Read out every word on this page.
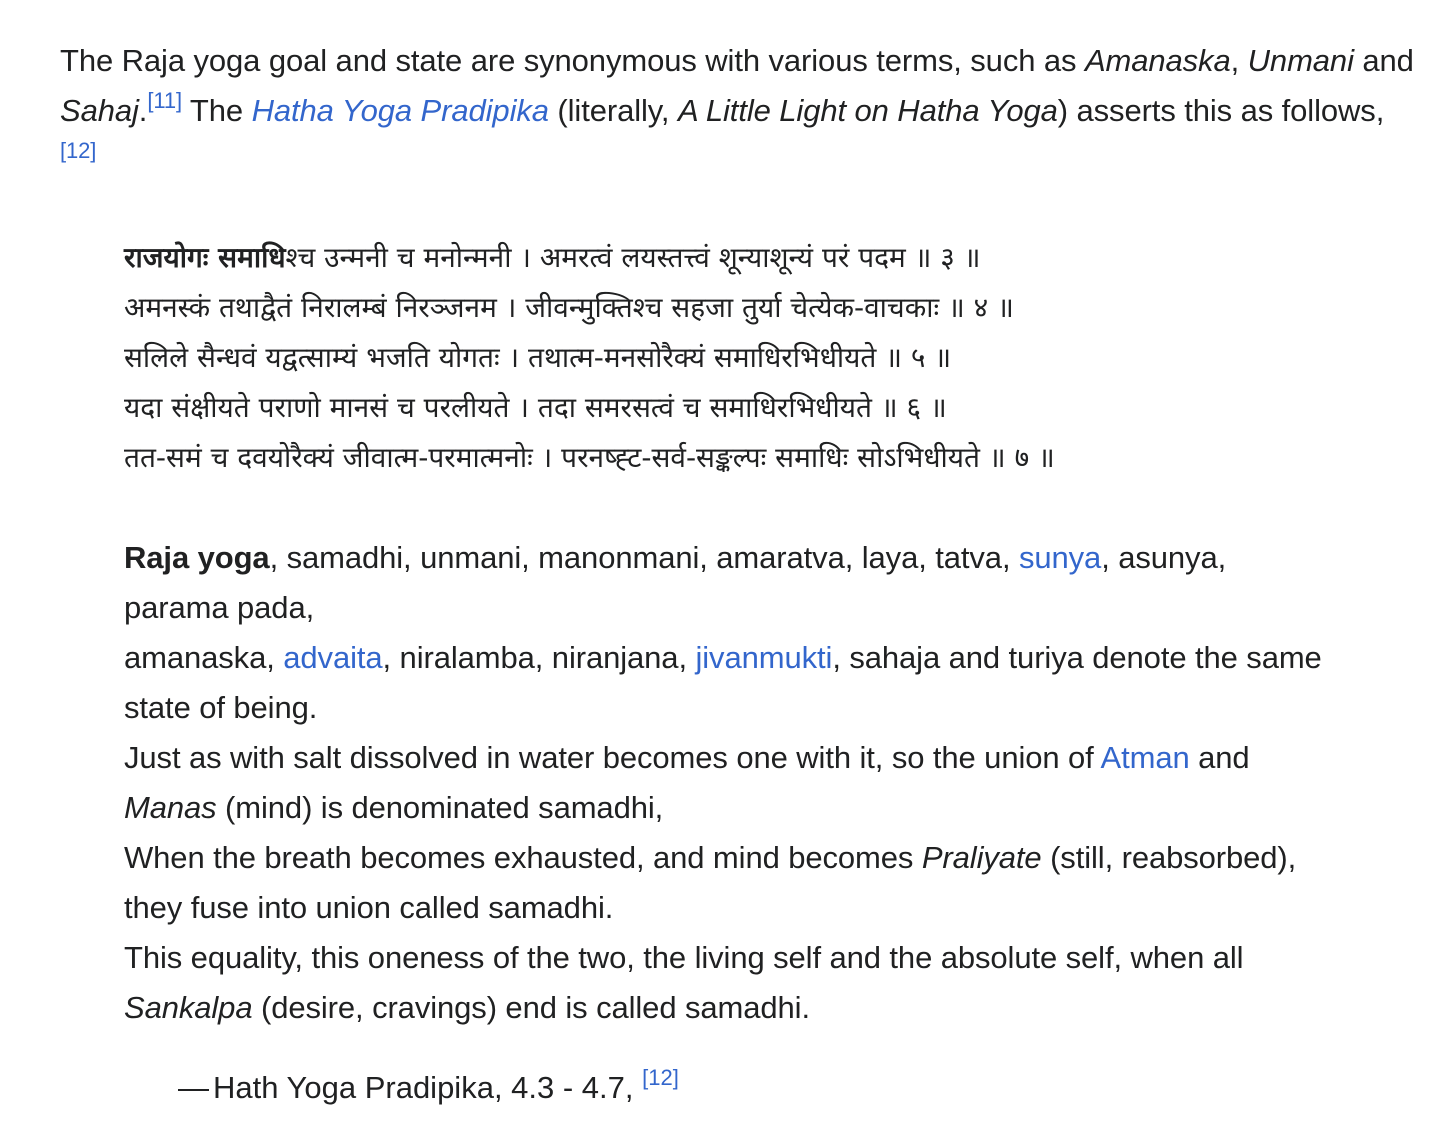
The Raja yoga goal and state are synonymous with various terms, such as Amanaska, Unmani and Sahaj.[11] The Hatha Yoga Pradipika (literally, A Little Light on Hatha Yoga) asserts this as follows,[12]

राजयोगः समाधिश्च उन्मनी च मनोन्मनी । अमरत्वं लयस्तत्त्वं शून्याशून्यं परं पदम ॥ ३ ॥
अमनस्कं तथाद्वैतं निरालम्बं निरञ्जनम । जीवन्मुक्तिश्च सहजा तुर्या चेत्येक-वाचकाः ॥ ४ ॥
सलिले सैन्धवं यद्वत्साम्यं भजति योगतः । तथात्म-मनसोरैक्यं समाधिरभिधीयते ॥ ५ ॥
यदा संक्षीयते पराणो मानसं च परलीयते । तदा समरसत्वं च समाधिरभिधीयते ॥ ६ ॥
तत-समं च दवयोरैक्यं जीवात्म-परमात्मनोः । परनष्ह्ट-सर्व-सङ्कल्पः समाधिः सोऽभिधीयते ॥ ७ ॥
Raja yoga, samadhi, unmani, manonmani, amaratva, laya, tatva, sunya, asunya,
parama pada,
amanaska, advaita, niralamba, niranjana, jivanmukti, sahaja and turiya denote the same
state of being.
Just as with salt dissolved in water becomes one with it, so the union of Atman and
Manas (mind) is denominated samadhi,
When the breath becomes exhausted, and mind becomes Praliyate (still, reabsorbed),
they fuse into union called samadhi.
This equality, this oneness of the two, the living self and the absolute self, when all
Sankalpa (desire, cravings) end is called samadhi.
— Hath Yoga Pradipika, 4.3 - 4.7, [12]
